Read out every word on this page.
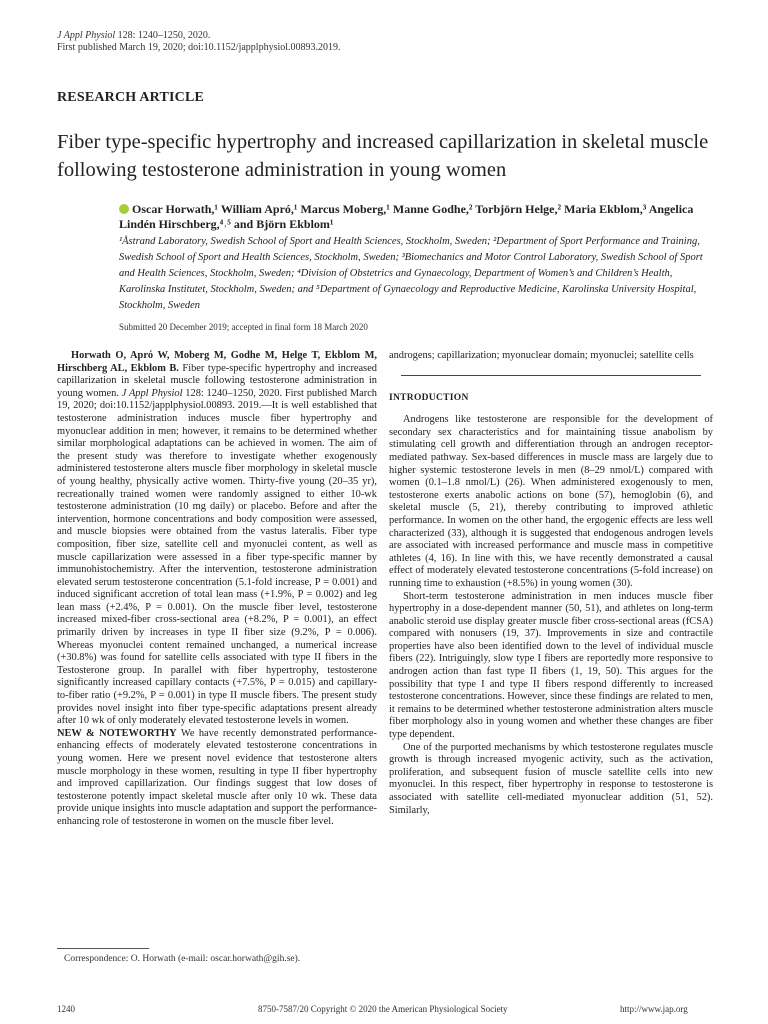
J Appl Physiol 128: 1240–1250, 2020.
First published March 19, 2020; doi:10.1152/japplphysiol.00893.2019.
RESEARCH ARTICLE
Fiber type-specific hypertrophy and increased capillarization in skeletal muscle following testosterone administration in young women
Oscar Horwath,¹ William Apró,¹ Marcus Moberg,¹ Manne Godhe,² Torbjörn Helge,² Maria Ekblom,³ Angelica Lindén Hirschberg,⁴˒⁵ and Björn Ekblom¹
¹Åstrand Laboratory, Swedish School of Sport and Health Sciences, Stockholm, Sweden; ²Department of Sport Performance and Training, Swedish School of Sport and Health Sciences, Stockholm, Sweden; ³Biomechanics and Motor Control Laboratory, Swedish School of Sport and Health Sciences, Stockholm, Sweden; ⁴Division of Obstetrics and Gynaecology, Department of Women’s and Children’s Health, Karolinska Institutet, Stockholm, Sweden; and ⁵Department of Gynaecology and Reproductive Medicine, Karolinska University Hospital, Stockholm, Sweden
Submitted 20 December 2019; accepted in final form 18 March 2020

Horwath O, Apró W, Moberg M, Godhe M, Helge T, Ekblom M, Hirschberg AL, Ekblom B. Fiber type-specific hypertrophy and increased capillarization in skeletal muscle following testosterone administration in young women. J Appl Physiol 128: 1240–1250, 2020. First published March 19, 2020; doi:10.1152/japplphysiol.00893. 2019.—It is well established that testosterone administration induces muscle fiber hypertrophy and myonuclear addition in men; however, it remains to be determined whether similar morphological adaptations can be achieved in women. The aim of the present study was therefore to investigate whether exogenously administered testosterone alters muscle fiber morphology in skeletal muscle of young healthy, physically active women. Thirty-five young (20–35 yr), recreationally trained women were randomly assigned to either 10-wk testosterone administration (10 mg daily) or placebo. Before and after the intervention, hormone concentrations and body composition were assessed, and muscle biopsies were obtained from the vastus lateralis. Fiber type composition, fiber size, satellite cell and myonuclei content, as well as muscle capillarization were assessed in a fiber type-specific manner by immunohistochemistry. After the intervention, testosterone administration elevated serum testosterone concentration (5.1-fold increase, P = 0.001) and induced significant accretion of total lean mass (+1.9%, P = 0.002) and leg lean mass (+2.4%, P = 0.001). On the muscle fiber level, testosterone increased mixed-fiber cross-sectional area (+8.2%, P = 0.001), an effect primarily driven by increases in type II fiber size (9.2%, P = 0.006). Whereas myonuclei content remained unchanged, a numerical increase (+30.8%) was found for satellite cells associated with type II fibers in the Testosterone group. In parallel with fiber hypertrophy, testosterone significantly increased capillary contacts (+7.5%, P = 0.015) and capillary-to-fiber ratio (+9.2%, P = 0.001) in type II muscle fibers. The present study provides novel insight into fiber type-specific adaptations present already after 10 wk of only moderately elevated testosterone levels in women.

NEW & NOTEWORTHY We have recently demonstrated performance-enhancing effects of moderately elevated testosterone concentrations in young women. Here we present novel evidence that testosterone alters muscle morphology in these women, resulting in type II fiber hypertrophy and improved capillarization. Our findings suggest that low doses of testosterone potently impact skeletal muscle after only 10 wk. These data provide unique insights into muscle adaptation and support the performance-enhancing role of testosterone in women on the muscle fiber level.

androgens; capillarization; myonuclear domain; myonuclei; satellite cells

INTRODUCTION

Androgens like testosterone are responsible for the development of secondary sex characteristics and for maintaining tissue anabolism by stimulating cell growth and differentiation through an androgen receptor-mediated pathway. Sex-based differences in muscle mass are largely due to higher systemic testosterone levels in men (8–29 nmol/L) compared with women (0.1–1.8 nmol/L) (26). When administered exogenously to men, testosterone exerts anabolic actions on bone (57), hemoglobin (6), and skeletal muscle (5, 21), thereby contributing to improved athletic performance. In women on the other hand, the ergogenic effects are less well characterized (33), although it is suggested that endogenous androgen levels are associated with increased performance and muscle mass in competitive athletes (4, 16). In line with this, we have recently demonstrated a causal effect of moderately elevated testosterone concentrations (5-fold increase) on running time to exhaustion (+8.5%) in young women (30).

Short-term testosterone administration in men induces muscle fiber hypertrophy in a dose-dependent manner (50, 51), and athletes on long-term anabolic steroid use display greater muscle fiber cross-sectional areas (fCSA) compared with nonusers (19, 37). Improvements in size and contractile properties have also been identified down to the level of individual muscle fibers (22). Intriguingly, slow type I fibers are reportedly more responsive to androgen action than fast type II fibers (1, 19, 50). This argues for the possibility that type I and type II fibers respond differently to increased testosterone concentrations. However, since these findings are related to men, it remains to be determined whether testosterone administration alters muscle fiber morphology also in young women and whether these changes are fiber type dependent.

One of the purported mechanisms by which testosterone regulates muscle growth is through increased myogenic activity, such as the activation, proliferation, and subsequent fusion of muscle satellite cells into new myonuclei. In this respect, fiber hypertrophy in response to testosterone is associated with satellite cell-mediated myonuclear addition (51, 52). Similarly,

Correspondence: O. Horwath (e-mail: oscar.horwath@gih.se).
1240	8750-7587/20 Copyright © 2020 the American Physiological Society	http://www.jap.org
